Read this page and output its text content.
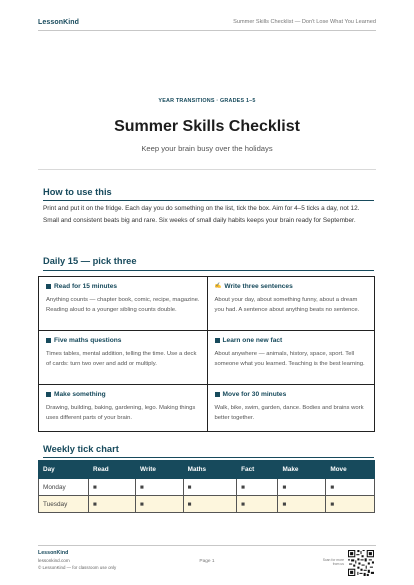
LessonKind	Summer Skills Checklist — Don't Lose What You Learned
YEAR TRANSITIONS · GRADES 1–5
Summer Skills Checklist
Keep your brain busy over the holidays
How to use this
Print and put it on the fridge. Each day you do something on the list, tick the box. Aim for 4–5 ticks a day, not 12. Small and consistent beats big and rare. Six weeks of small daily habits keeps your brain ready for September.
Daily 15 — pick three
Read for 15 minutes
Anything counts — chapter book, comic, recipe, magazine. Reading aloud to a younger sibling counts double.
✍ Write three sentences
About your day, about something funny, about a dream you had. A sentence about anything beats no sentence.
Five maths questions
Times tables, mental addition, telling the time. Use a deck of cards: turn two over and add or multiply.
Learn one new fact
About anywhere — animals, history, space, sport. Tell someone what you learned. Teaching is the best learning.
Make something
Drawing, building, baking, gardening, lego. Making things uses different parts of your brain.
Move for 30 minutes
Walk, bike, swim, garden, dance. Bodies and brains work better together.
Weekly tick chart
Day	Read	Write	Maths	Fact	Make	Move
Monday	■	■	■	■	■	■
Tuesday	■	■	■	■	■	■
LessonKind
lessonkind.com
© LessonKind — for classroom use only
Page 1	Scan for more from us
